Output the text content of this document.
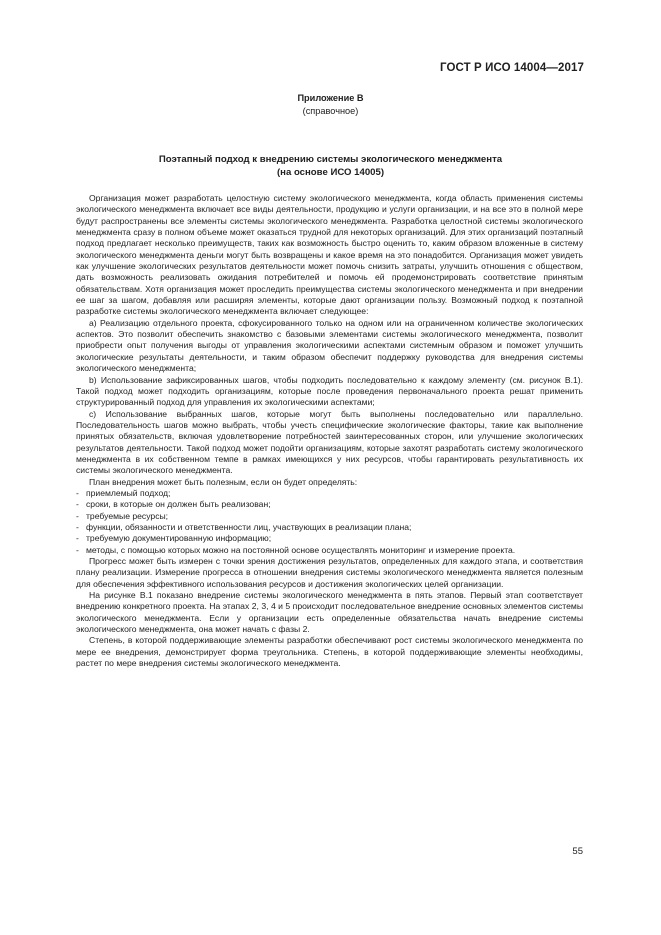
ГОСТ Р ИСО 14004—2017
Приложение В
(справочное)
Поэтапный подход к внедрению системы экологического менеджмента
(на основе ИСО 14005)

Организация может разработать целостную систему экологического менеджмента, когда область применения системы экологического менеджмента включает все виды деятельности, продукцию и услуги организации, и на все это в полной мере будут распространены все элементы системы экологического менеджмента. Разработка целостной системы экологического менеджмента сразу в полном объеме может оказаться трудной для некоторых организаций. Для этих организаций поэтапный подход предлагает несколько преимуществ, таких как возможность быстро оценить то, каким образом вложенные в систему экологического менеджмента деньги могут быть возвращены и какое время на это понадобится. Организация может увидеть как улучшение экологических результатов деятельности может помочь снизить затраты, улучшить отношения с обществом, дать возможность реализовать ожидания потребителей и помочь ей продемонстрировать соответствие принятым обязательствам. Хотя организация может проследить преимущества системы экологического менеджмента и при внедрении ее шаг за шагом, добавляя или расширяя элементы, которые дают организации пользу. Возможный подход к поэтапной разработке системы экологического менеджмента включает следующее:

а) Реализацию отдельного проекта, сфокусированного только на одном или на ограниченном количестве экологических аспектов. Это позволит обеспечить знакомство с базовыми элементами системы экологического менеджмента, позволит приобрести опыт получения выгоды от управления экологическими аспектами системным образом и поможет улучшить экологические результаты деятельности, и таким образом обеспечит поддержку руководства для внедрения системы экологического менеджмента;

b) Использование зафиксированных шагов, чтобы подходить последовательно к каждому элементу (см. рисунок В.1). Такой подход может подходить организациям, которые после проведения первоначального проекта решат применить структурированный подход для управления их экологическими аспектами;

c) Использование выбранных шагов, которые могут быть выполнены последовательно или параллельно. Последовательность шагов можно выбрать, чтобы учесть специфические экологические факторы, такие как выполнение принятых обязательств, включая удовлетворение потребностей заинтересованных сторон, или улучшение экологических результатов деятельности. Такой подход может подойти организациям, которые захотят разработать систему экологического менеджмента в их собственном темпе в рамках имеющихся у них ресурсов, чтобы гарантировать результативность их системы экологического менеджмента.

План внедрения может быть полезным, если он будет определять:

- приемлемый подход;
- сроки, в которые он должен быть реализован;
- требуемые ресурсы;
- функции, обязанности и ответственности лиц, участвующих в реализации плана;
- требуемую документированную информацию;
- методы, с помощью которых можно на постоянной основе осуществлять мониторинг и измерение проекта.

Прогресс может быть измерен с точки зрения достижения результатов, определенных для каждого этапа, и соответствия плану реализации. Измерение прогресса в отношении внедрения системы экологического менеджмента является полезным для обеспечения эффективного использования ресурсов и достижения экологических целей организации.

На рисунке В.1 показано внедрение системы экологического менеджмента в пять этапов. Первый этап соответствует внедрению конкретного проекта. На этапах 2, 3, 4 и 5 происходит последовательное внедрение основных элементов системы экологического менеджмента. Если у организации есть определенные обязательства начать внедрение системы экологического менеджмента, она может начать с фазы 2.

Степень, в которой поддерживающие элементы разработки обеспечивают рост системы экологического менеджмента по мере ее внедрения, демонстрирует форма треугольника. Степень, в которой поддерживающие элементы необходимы, растет по мере внедрения системы экологического менеджмента.

55
